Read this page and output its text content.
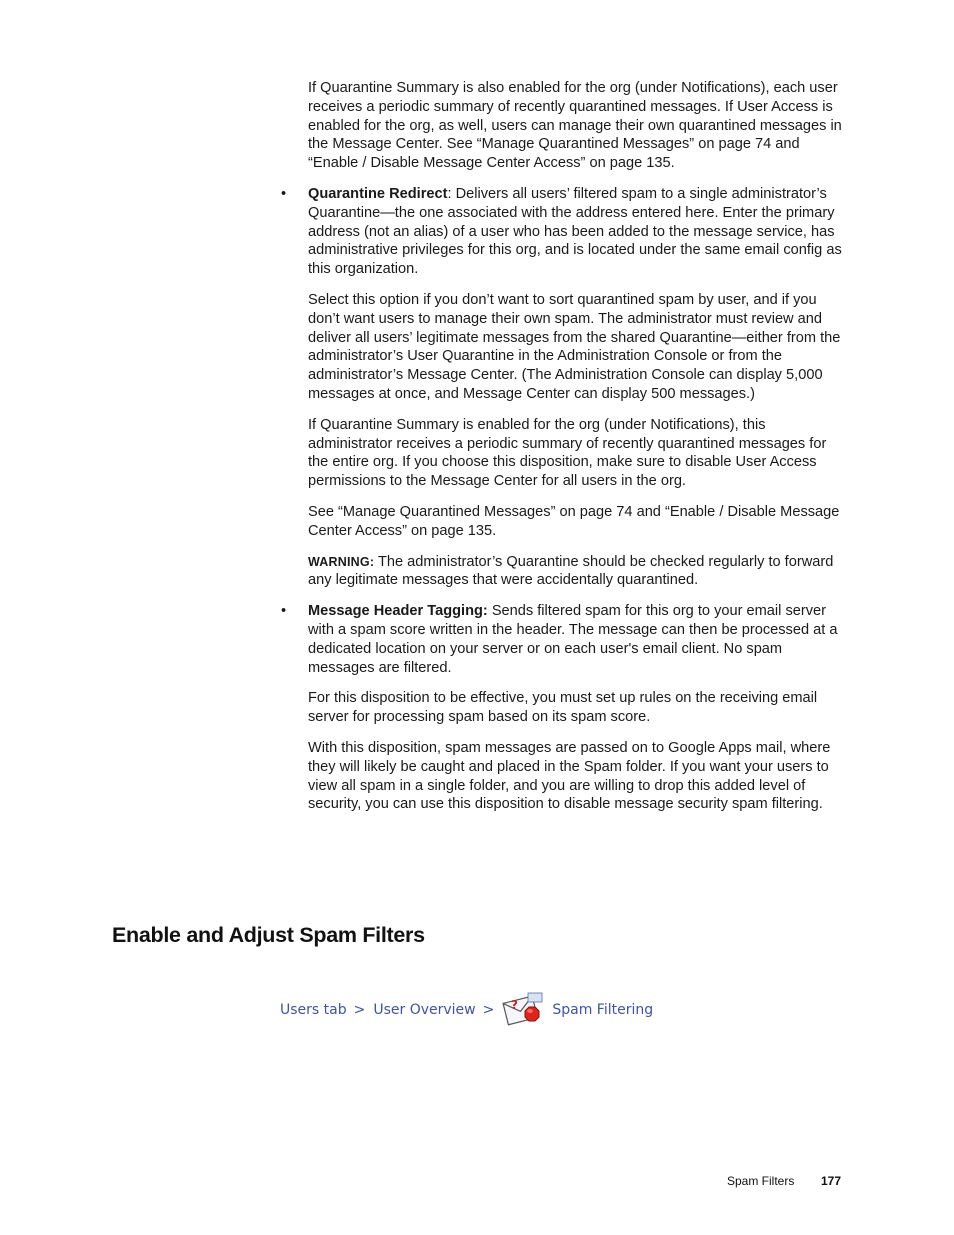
If Quarantine Summary is also enabled for the org (under Notifications), each user receives a periodic summary of recently quarantined messages. If User Access is enabled for the org, as well, users can manage their own quarantined messages in the Message Center. See “Manage Quarantined Messages” on page 74 and “Enable / Disable Message Center Access” on page 135.

• Quarantine Redirect: Delivers all users’ filtered spam to a single administrator’s Quarantine—the one associated with the address entered here. Enter the primary address (not an alias) of a user who has been added to the message service, has administrative privileges for this org, and is located under the same email config as this organization.

Select this option if you don’t want to sort quarantined spam by user, and if you don’t want users to manage their own spam. The administrator must review and deliver all users’ legitimate messages from the shared Quarantine—either from the administrator’s User Quarantine in the Administration Console or from the administrator’s Message Center. (The Administration Console can display 5,000 messages at once, and Message Center can display 500 messages.)

If Quarantine Summary is enabled for the org (under Notifications), this administrator receives a periodic summary of recently quarantined messages for the entire org. If you choose this disposition, make sure to disable User Access permissions to the Message Center for all users in the org.

See “Manage Quarantined Messages” on page 74 and “Enable / Disable Message Center Access” on page 135.

WARNING: The administrator’s Quarantine should be checked regularly to forward any legitimate messages that were accidentally quarantined.

• Message Header Tagging: Sends filtered spam for this org to your email server with a spam score written in the header. The message can then be processed at a dedicated location on your server or on each user's email client. No spam messages are filtered.

For this disposition to be effective, you must set up rules on the receiving email server for processing spam based on its spam score.

With this disposition, spam messages are passed on to Google Apps mail, where they will likely be caught and placed in the Spam folder. If you want your users to view all spam in a single folder, and you are willing to drop this added level of security, you can use this disposition to disable message security spam filtering.

Enable and Adjust Spam Filters
Users tab > User Overview > ? Spam Filtering
Spam Filters 177
